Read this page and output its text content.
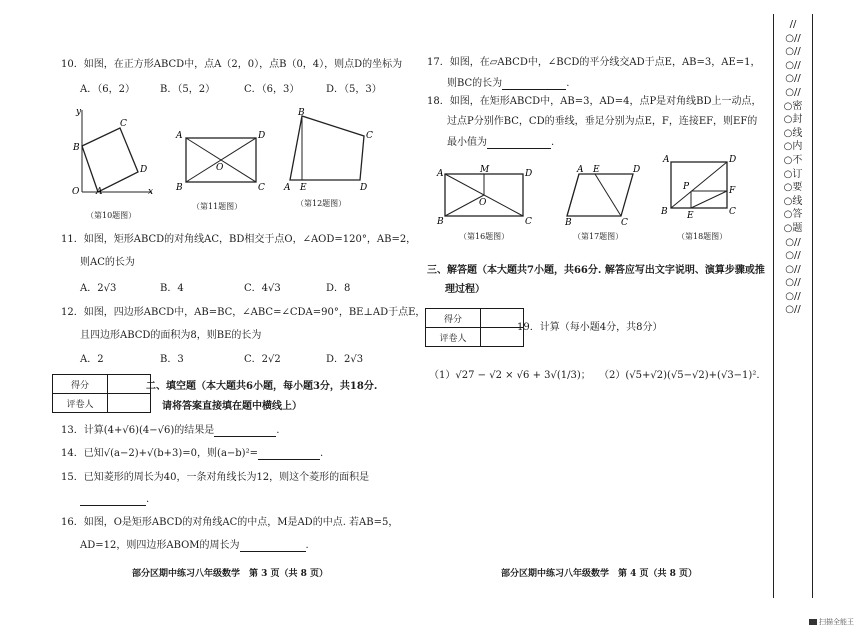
10．如图，在正方形ABCD中，点A（2，0），点B（0，4），则点D的坐标为
A．（6，2）	B．（5，2）	C．（6，3）	D．（5，3）
y
B
C
D
O A	x
（第10题图）
A	D
O
B	C
（第11题图）
B
C
A E	D
（第12题图）
11．如图，矩形ABCD的对角线AC，BD相交于点O，∠AOD=120°，AB=2，
则AC的长为
A．2√3	B．4	C．4√3	D．8
12．如图，四边形ABCD中，AB=BC，∠ABC=∠CDA=90°，BE⊥AD于点E，
且四边形ABCD的面积为8，则BE的长为
A．2	B．3	C．2√2	D．2√3
得分	
评卷人	
二、填空题（本大题共6小题，每小题3分，共18分.
请将答案直接填在题中横线上）
13．计算(4+√6)(4−√6)的结果是	.
14．已知√(a−2)+√(b+3)=0，则(a−b)²=	.
15．已知菱形的周长为40，一条对角线长为12，则这个菱形的面积是
.
16．如图，O是矩形ABCD的对角线AC的中点，M是AD的中点. 若AB=5，
AD=12，则四边形ABOM的周长为	.
部分区期中练习八年级数学　第 3 页（共 8 页）
17．如图，在▱ABCD中，∠BCD的平分线交AD于点E，AB=3，AE=1，
则BC的长为	.
18．如图，在矩形ABCD中，AB=3，AD=4，点P是对角线BD上一动点，
过点P分别作BC，CD的垂线，垂足分别为点E，F，连接EF，则EF的
最小值为	.
A	M	D
O
B	C
（第16题图）
A E	D
B	C
（第17题图）
A	D
P	F
B E	C
（第18题图）
三、解答题（本大题共7小题，共66分. 解答应写出文字说明、演算步骤或推
理过程）
得分	
评卷人	
19．计算（每小题4分，共8分）
（1）√27 − √2 × √6 + 3√(1/3)； （2）(√5+√2)(√5−√2)+(√3−1)².
部分区期中练习八年级数学　第 4 页（共 8 页）
//○//○//○//○//○//○密○封○线○内○不○订○要○线○答○题○//○//○//○//○//○//
扫描全能王
